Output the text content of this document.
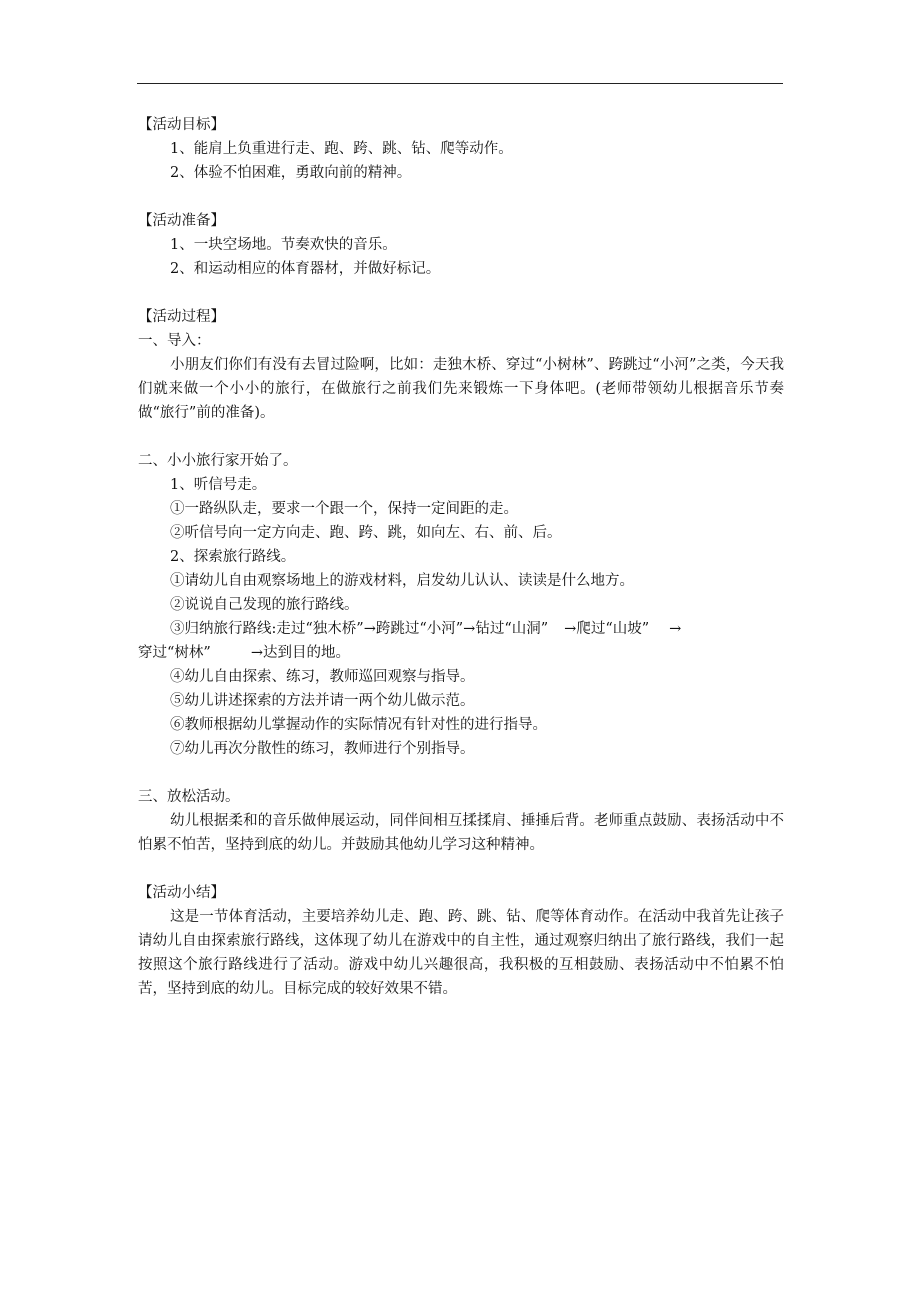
【活动目标】
1、能肩上负重进行走、跑、跨、跳、钻、爬等动作。
2、体验不怕困难，勇敢向前的精神。
【活动准备】
1、一块空场地。节奏欢快的音乐。
2、和运动相应的体育器材，并做好标记。
【活动过程】
一、导入：
小朋友们你们有没有去冒过险啊，比如：走独木桥、穿过“小树林”、跨跳过“小河”之类，今天我们就来做一个小小的旅行，在做旅行之前我们先来锻炼一下身体吧。(老师带领幼儿根据音乐节奏做“旅行”前的准备)。
二、小小旅行家开始了。
1、听信号走。
①一路纵队走，要求一个跟一个，保持一定间距的走。
②听信号向一定方向走、跑、跨、跳，如向左、右、前、后。
2、探索旅行路线。
①请幼儿自由观察场地上的游戏材料，启发幼儿认认、读读是什么地方。
②说说自己发现的旅行路线。
③归纳旅行路线:走过“独木桥”→跨跳过“小河”→钻过“山洞” →爬过“山坡” →
穿过“树林”	→达到目的地。
④幼儿自由探索、练习，教师巡回观察与指导。
⑤幼儿讲述探索的方法并请一两个幼儿做示范。
⑥教师根据幼儿掌握动作的实际情况有针对性的进行指导。
⑦幼儿再次分散性的练习，教师进行个别指导。
三、放松活动。
幼儿根据柔和的音乐做伸展运动，同伴间相互揉揉肩、捶捶后背。老师重点鼓励、表扬活动中不怕累不怕苦，坚持到底的幼儿。并鼓励其他幼儿学习这种精神。
【活动小结】
这是一节体育活动，主要培养幼儿走、跑、跨、跳、钻、爬等体育动作。在活动中我首先让孩子请幼儿自由探索旅行路线，这体现了幼儿在游戏中的自主性，通过观察归纳出了旅行路线，我们一起按照这个旅行路线进行了活动。游戏中幼儿兴趣很高，我积极的互相鼓励、表扬活动中不怕累不怕苦，坚持到底的幼儿。目标完成的较好效果不错。
